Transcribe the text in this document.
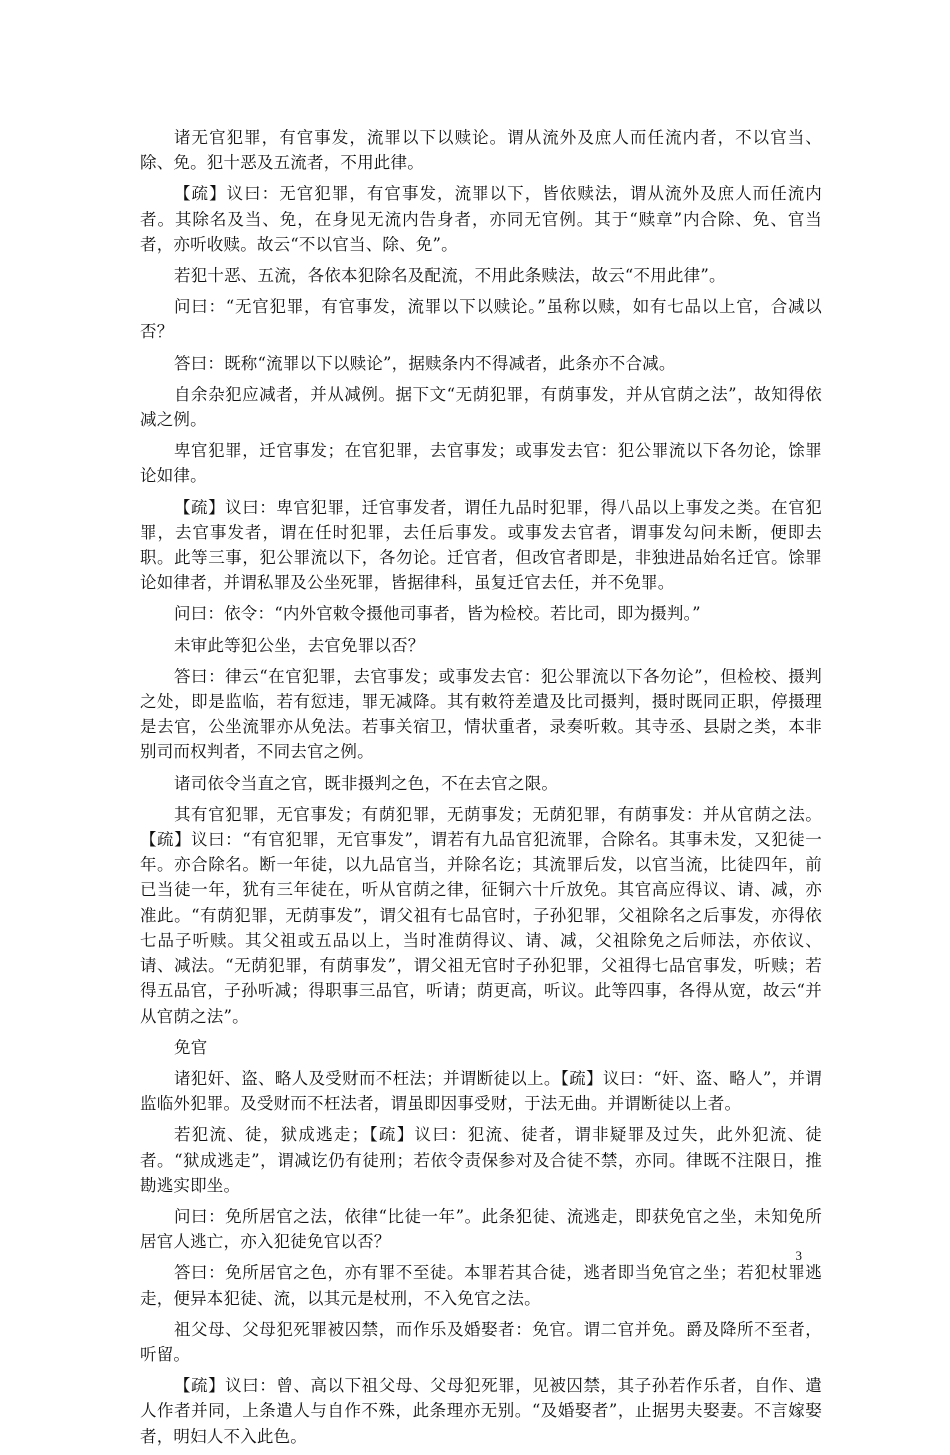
诸无官犯罪，有官事发，流罪以下以赎论。谓从流外及庶人而任流内者，不以官当、除、免。犯十恶及五流者，不用此律。

【疏】议曰：无官犯罪，有官事发，流罪以下，皆依赎法，谓从流外及庶人而任流内者。其除名及当、免，在身见无流内告身者，亦同无官例。其于“赎章”内合除、免、官当者，亦听收赎。故云“不以官当、除、免”。

若犯十恶、五流，各依本犯除名及配流，不用此条赎法，故云“不用此律”。

问曰：“无官犯罪，有官事发，流罪以下以赎论。”虽称以赎，如有七品以上官，合减以否？

答曰：既称“流罪以下以赎论”，据赎条内不得减者，此条亦不合减。

自余杂犯应减者，并从减例。据下文“无荫犯罪，有荫事发，并从官荫之法”，故知得依减之例。

卑官犯罪，迁官事发；在官犯罪，去官事发；或事发去官：犯公罪流以下各勿论，馀罪论如律。

【疏】议曰：卑官犯罪，迁官事发者，谓任九品时犯罪，得八品以上事发之类。在官犯罪，去官事发者，谓在任时犯罪，去任后事发。或事发去官者，谓事发勾问未断，便即去职。此等三事，犯公罪流以下，各勿论。迁官者，但改官者即是，非独进品始名迁官。馀罪论如律者，并谓私罪及公坐死罪，皆据律科，虽复迁官去任，并不免罪。

问曰：依令：“内外官敕令摄他司事者，皆为检校。若比司，即为摄判。”

未审此等犯公坐，去官免罪以否？

答曰：律云“在官犯罪，去官事发；或事发去官：犯公罪流以下各勿论”，但检校、摄判之处，即是监临，若有愆违，罪无减降。其有敕符差遣及比司摄判，摄时既同正职，停摄理是去官，公坐流罪亦从免法。若事关宿卫，情状重者，录奏听敕。其寺丞、县尉之类，本非别司而权判者，不同去官之例。

诸司依令当直之官，既非摄判之色，不在去官之限。

其有官犯罪，无官事发；有荫犯罪，无荫事发；无荫犯罪，有荫事发：并从官荫之法。【疏】议曰：“有官犯罪，无官事发”，谓若有九品官犯流罪，合除名。其事未发，又犯徒一年。亦合除名。断一年徒，以九品官当，并除名讫；其流罪后发，以官当流，比徒四年，前已当徒一年，犹有三年徒在，听从官荫之律，征铜六十斤放免。其官高应得议、请、减，亦准此。“有荫犯罪，无荫事发”，谓父祖有七品官时，子孙犯罪，父祖除名之后事发，亦得依七品子听赎。其父祖或五品以上，当时准荫得议、请、减，父祖除免之后师法，亦依议、请、减法。“无荫犯罪，有荫事发”，谓父祖无官时子孙犯罪，父祖得七品官事发，听赎；若得五品官，子孙听减；得职事三品官，听请；荫更高，听议。此等四事，各得从宽，故云“并从官荫之法”。

免官

诸犯奸、盗、略人及受财而不枉法；并谓断徒以上。【疏】议曰：“奸、盗、略人”，并谓监临外犯罪。及受财而不枉法者，谓虽即因事受财，于法无曲。并谓断徒以上者。

若犯流、徒，狱成逃走；【疏】议曰：犯流、徒者，谓非疑罪及过失，此外犯流、徒者。“狱成逃走”，谓减讫仍有徒刑；若依令责保参对及合徒不禁，亦同。律既不注限日，推勘逃实即坐。

问曰：免所居官之法，依律“比徒一年”。此条犯徒、流逃走，即获免官之坐，未知免所居官人逃亡，亦入犯徒免官以否？

答曰：免所居官之色，亦有罪不至徒。本罪若其合徒，逃者即当免官之坐；若犯杖罪逃走，便异本犯徒、流，以其元是杖刑，不入免官之法。

祖父母、父母犯死罪被囚禁，而作乐及婚娶者：免官。谓二官并免。爵及降所不至者，听留。

【疏】议曰：曾、高以下祖父母、父母犯死罪，见被囚禁，其子孙若作乐者，自作、遣人作者并同，上条遣人与自作不殊，此条理亦无别。“及婚娶者”，止据男夫娶妻。不言嫁娶者，明妇人不入此色。

3
